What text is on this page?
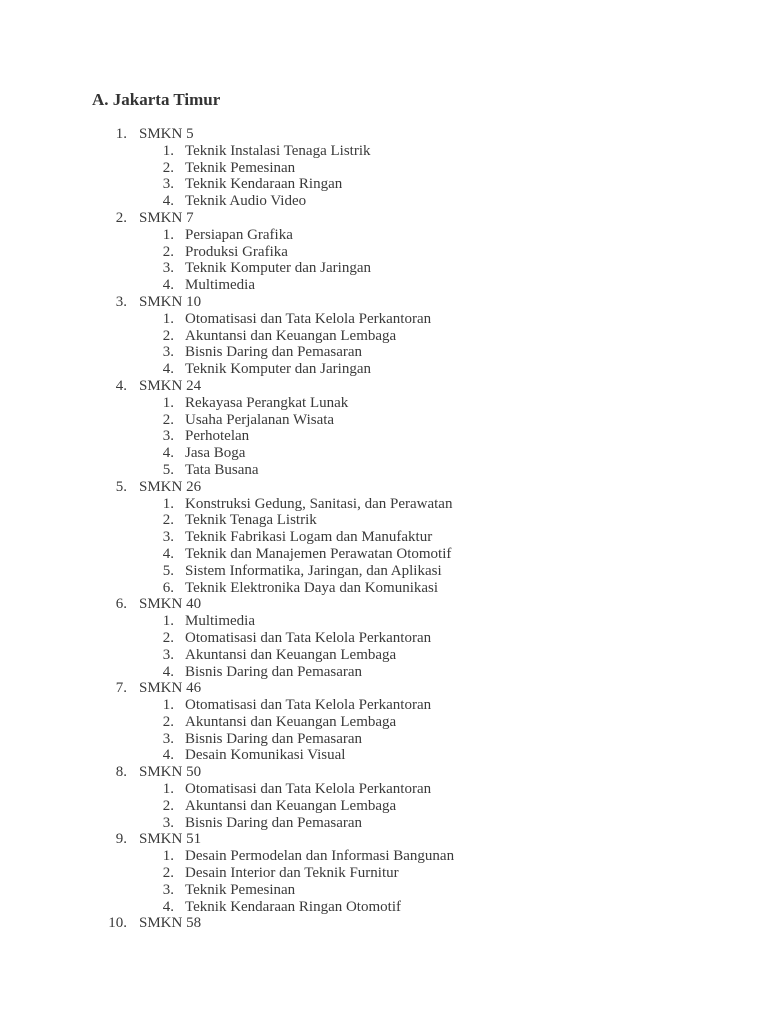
A. Jakarta Timur
1. SMKN 5
1. Teknik Instalasi Tenaga Listrik
2. Teknik Pemesinan
3. Teknik Kendaraan Ringan
4. Teknik Audio Video
2. SMKN 7
1. Persiapan Grafika
2. Produksi Grafika
3. Teknik Komputer dan Jaringan
4. Multimedia
3. SMKN 10
1. Otomatisasi dan Tata Kelola Perkantoran
2. Akuntansi dan Keuangan Lembaga
3. Bisnis Daring dan Pemasaran
4. Teknik Komputer dan Jaringan
4. SMKN 24
1. Rekayasa Perangkat Lunak
2. Usaha Perjalanan Wisata
3. Perhotelan
4. Jasa Boga
5. Tata Busana
5. SMKN 26
1. Konstruksi Gedung, Sanitasi, dan Perawatan
2. Teknik Tenaga Listrik
3. Teknik Fabrikasi Logam dan Manufaktur
4. Teknik dan Manajemen Perawatan Otomotif
5. Sistem Informatika, Jaringan, dan Aplikasi
6. Teknik Elektronika Daya dan Komunikasi
6. SMKN 40
1. Multimedia
2. Otomatisasi dan Tata Kelola Perkantoran
3. Akuntansi dan Keuangan Lembaga
4. Bisnis Daring dan Pemasaran
7. SMKN 46
1. Otomatisasi dan Tata Kelola Perkantoran
2. Akuntansi dan Keuangan Lembaga
3. Bisnis Daring dan Pemasaran
4. Desain Komunikasi Visual
8. SMKN 50
1. Otomatisasi dan Tata Kelola Perkantoran
2. Akuntansi dan Keuangan Lembaga
3. Bisnis Daring dan Pemasaran
9. SMKN 51
1. Desain Permodelan dan Informasi Bangunan
2. Desain Interior dan Teknik Furnitur
3. Teknik Pemesinan
4. Teknik Kendaraan Ringan Otomotif
10. SMKN 58
